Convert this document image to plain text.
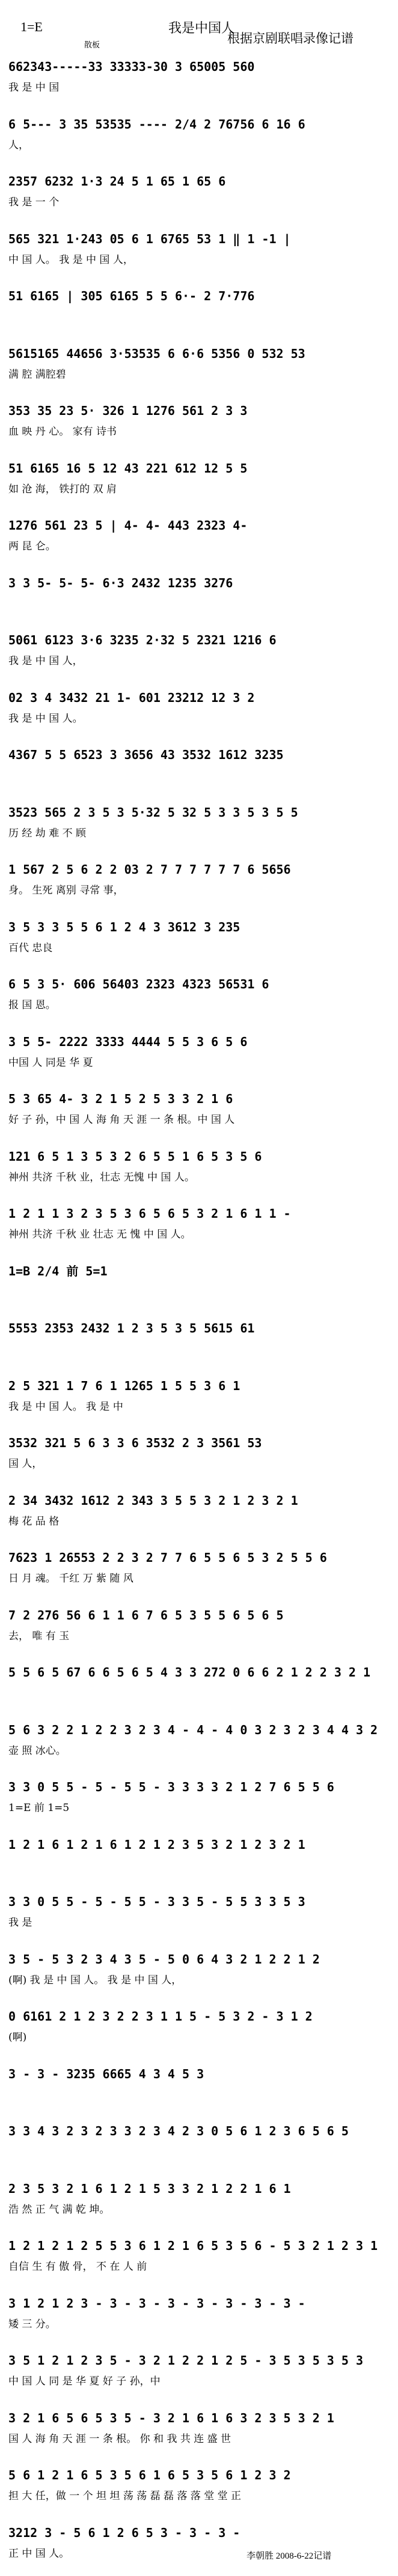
1=E	我是中国人
散板	根据京剧联唱录像记谱
662343-----33 33333-30 3 65005 560
我 是 中 国
6 5--- 3 35 53535 ---- 2/4 2 76756 6 16 6
人，
2357 6232 1·3 24 5 1 65 1 65 6
我 是 一 个
565 321 1·243 05 6 1 6765 53 1 ‖ 1 -1 |
中 国 人。 我 是 中 国 人，
51 6165 | 305 6165 5 5 6·- 2 7·776
5615165 44656 3·53535 6 6·6 5356 0 532 53
满 腔 满腔碧
353 35 23 5· 326 1 1276 561 2 3 3
血 映 丹 心。 家有 诗书
51 6165 16 5 12 43 221 612 12 5 5
如 沧 海， 铁打的 双 肩
1276 561 23 5 | 4- 4- 443 2323 4-
两 昆 仑。
3 3 5- 5- 5- 6·3 2432 1235 3276
5061 6123 3·6 3235 2·32 5 2321 1216 6
我 是 中 国 人，
02 3 4 3432 21 1- 601 23212 12 3 2
我 是 中 国 人。
4367 5 5 6523 3 3656 43 3532 1612 3235
3523 565 2 3 5 3 5·32 5 32 5 3 3 5 3 5 5
历 经 劫 难 不 顾
1 567 2 5 6 2 2 03 2 7 7 7 7 7 7 6 5656
身。 生死 离别 寻常 事，
3 5 3 3 5 5 6 1 2 4 3 3612 3 235
百代 忠良
6 5 3 5· 606 56403 2323 4323 56531 6
报 国 恩。
3 5 5- 2222 3333 4444 5 5 3 6 5 6
中国 人 同是 华 夏
5 3 65 4- 3 2 1 5 2 5 3 3 2 1 6
好 子 孙，中 国 人 海 角 天 涯 一 条 根。中 国 人
121 6 5 1 3 5 3 2 6 5 5 1 6 5 3 5 6
神州 共济 千秋 业，壮志 无愧 中 国 人。
1 2 1 1 3 2 3 5 3 6 5 6 5 3 2 1 6 1 1 -
神州 共济 千秋 业 壮志 无 愧 中 国 人。
1=B 2/4 前 5=1
5553 2353 2432 1 2 3 5 3 5 5615 61
2 5 321 1 7 6 1 1265 1 5 5 3 6 1
我 是 中 国 人。 我 是 中
3532 321 5 6 3 3 6 3532 2 3 3561 53
国 人，
2 34 3432 1612 2 343 3 5 5 3 2 1 2 3 2 1
梅 花 品 格
7623 1 26553 2 2 3 2 7 7 6 5 5 6 5 3 2 5 5 6
日 月 魂。 千红 万 紫 随 风
7 2 276 56 6 1 1 6 7 6 5 3 5 5 6 5 6 5
去， 唯 有 玉
5 5 6 5 67 6 6 5 6 5 4 3 3 272 0 6 6 2 1 2 2 3 2 1
5 6 3 2 2 1 2 2 3 2 3 4 - 4 - 4 0 3 2 3 2 3 4 4 3 2
壶 照 冰心。
3 3 0 5 5 - 5 - 5 5 - 3 3 3 3 2 1 2 7 6 5 5 6
1=E 前 1=5
1 2 1 6 1 2 1 6 1 2 1 2 3 5 3 2 1 2 3 2 1
3 3 0 5 5 - 5 - 5 5 - 3 3 5 - 5 5 3 3 5 3
我 是
3 5 - 5 3 2 3 4 3 5 - 5 0 6 4 3 2 1 2 2 1 2
(啊) 我 是 中 国 人。 我 是 中 国 人，
0 6161 2 1 2 3 2 2 3 1 1 5 - 5 3 2 - 3 1 2
(啊)
3 - 3 - 3235 6665 4 3 4 5 3
3 3 4 3 2 3 2 3 3 2 3 4 2 3 0 5 6 1 2 3 6 5 6 5
2 3 5 3 2 1 6 1 2 1 5 3 3 2 1 2 2 1 6 1
浩 然 正 气 满 乾 坤。
1 2 1 2 1 2 5 5 3 6 1 2 1 6 5 3 5 6 - 5 3 2 1 2 3 1
自信 生 有 傲 骨， 不 在 人 前
3 1 2 1 2 3 - 3 - 3 - 3 - 3 - 3 - 3 - 3 -
矮 三 分。
3 5 1 2 1 2 3 5 - 3 2 1 2 2 1 2 5 - 3 5 3 5 3 5 3
中 国 人 同 是 华 夏 好 子 孙，中
3 2 1 6 5 6 5 3 5 - 3 2 1 6 1 6 3 2 3 5 3 2 1
国 人 海 角 天 涯 一 条 根。 你 和 我 共 连 盛 世
5 6 1 2 1 6 5 3 5 6 1 6 5 3 5 6 1 2 3 2
担 大 任，做 一 个 坦 坦 荡 荡 磊 磊 落 落 堂 堂 正
3212 3 - 5 6 1 2 6 5 3 - 3 - 3 -
正 中 国 人。	李朝胜 2008-6-22记谱
